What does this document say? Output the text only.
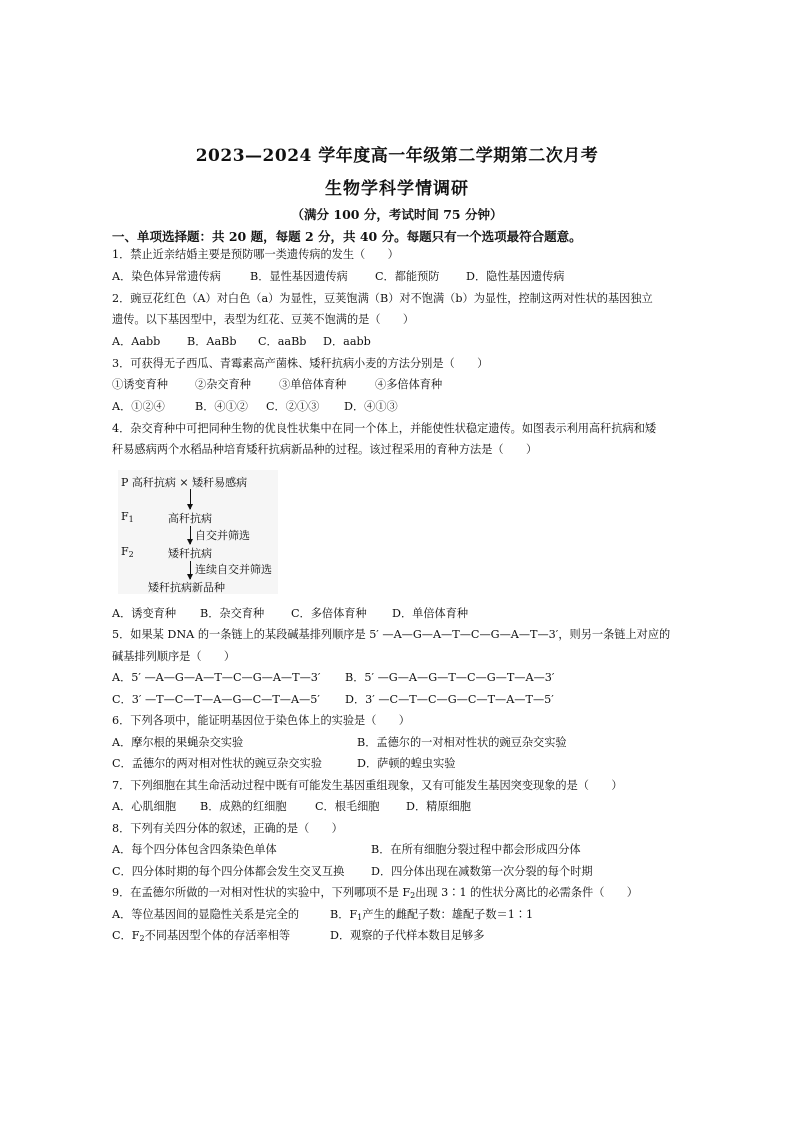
2023—2024 学年度高一年级第二学期第二次月考
生物学科学情调研
（满分 100 分，考试时间 75 分钟）
一、单项选择题：共 20 题，每题 2 分，共 40 分。每题只有一个选项最符合题意。
1．禁止近亲结婚主要是预防哪一类遗传病的发生（　　）
A．染色体异常遗传病	B．显性基因遗传病 C．都能预防 D．隐性基因遗传病
2．豌豆花红色（A）对白色（a）为显性，豆荚饱满（B）对不饱满（b）为显性，控制这两对性状的基因独立
遗传。以下基因型中，表型为红花、豆荚不饱满的是（　　）
A．Aabb B．AaBb C．aaBb D．aabb
3．可获得无子西瓜、青霉素高产菌株、矮秆抗病小麦的方法分别是（　　）
①诱变育种 ②杂交育种	③单倍体育种	④多倍体育种
A．①②④	B．④①② C．②①③ D．④①③
4．杂交育种中可把同种生物的优良性状集中在同一个体上，并能使性状稳定遗传。如图表示利用高秆抗病和矮
秆易感病两个水稻品种培育矮秆抗病新品种的过程。该过程采用的育种方法是（　　）
P 高秆抗病 × 矮秆易感病
$F_1$	高秆抗病
自交并筛选
$F_2$	矮秆抗病
连续自交并筛选
矮秆抗病新品种
A．诱变育种 B．杂交育种 C．多倍体育种 D．单倍体育种
5．如果某 DNA 的一条链上的某段碱基排列顺序是 5′ —A—G—A—T—C—G—A—T—3′，则另一条链上对应的
碱基排列顺序是（　　）
A．5′ —A—G—A—T—C—G—A—T—3′ B．5′ —G—A—G—T—C—G—T—A—3′
C．3′ —T—C—T—A—G—C—T—A—5′ D．3′ —C—T—C—G—C—T—A—T—5′
6．下列各项中，能证明基因位于染色体上的实验是（　　）
A．摩尔根的果蝇杂交实验	B．孟德尔的一对相对性状的豌豆杂交实验
C．孟德尔的两对相对性状的豌豆杂交实验	D．萨顿的蝗虫实验
7．下列细胞在其生命活动过程中既有可能发生基因重组现象，又有可能发生基因突变现象的是（　　）
A．心肌细胞 B．成熟的红细胞	C．根毛细胞 D．精原细胞
8．下列有关四分体的叙述，正确的是（　　）
A．每个四分体包含四条染色单体	B．在所有细胞分裂过程中都会形成四分体
C．四分体时期的每个四分体都会发生交叉互换 D．四分体出现在减数第一次分裂的每个时期
9．在孟德尔所做的一对相对性状的实验中，下列哪项不是 $F_2$出现 3∶1 的性状分离比的必需条件（　　）
A．等位基因间的显隐性关系是完全的	B．$F_1$产生的雌配子数：雄配子数＝1∶1
C．$F_2$不同基因型个体的存活率相等	D．观察的子代样本数目足够多
